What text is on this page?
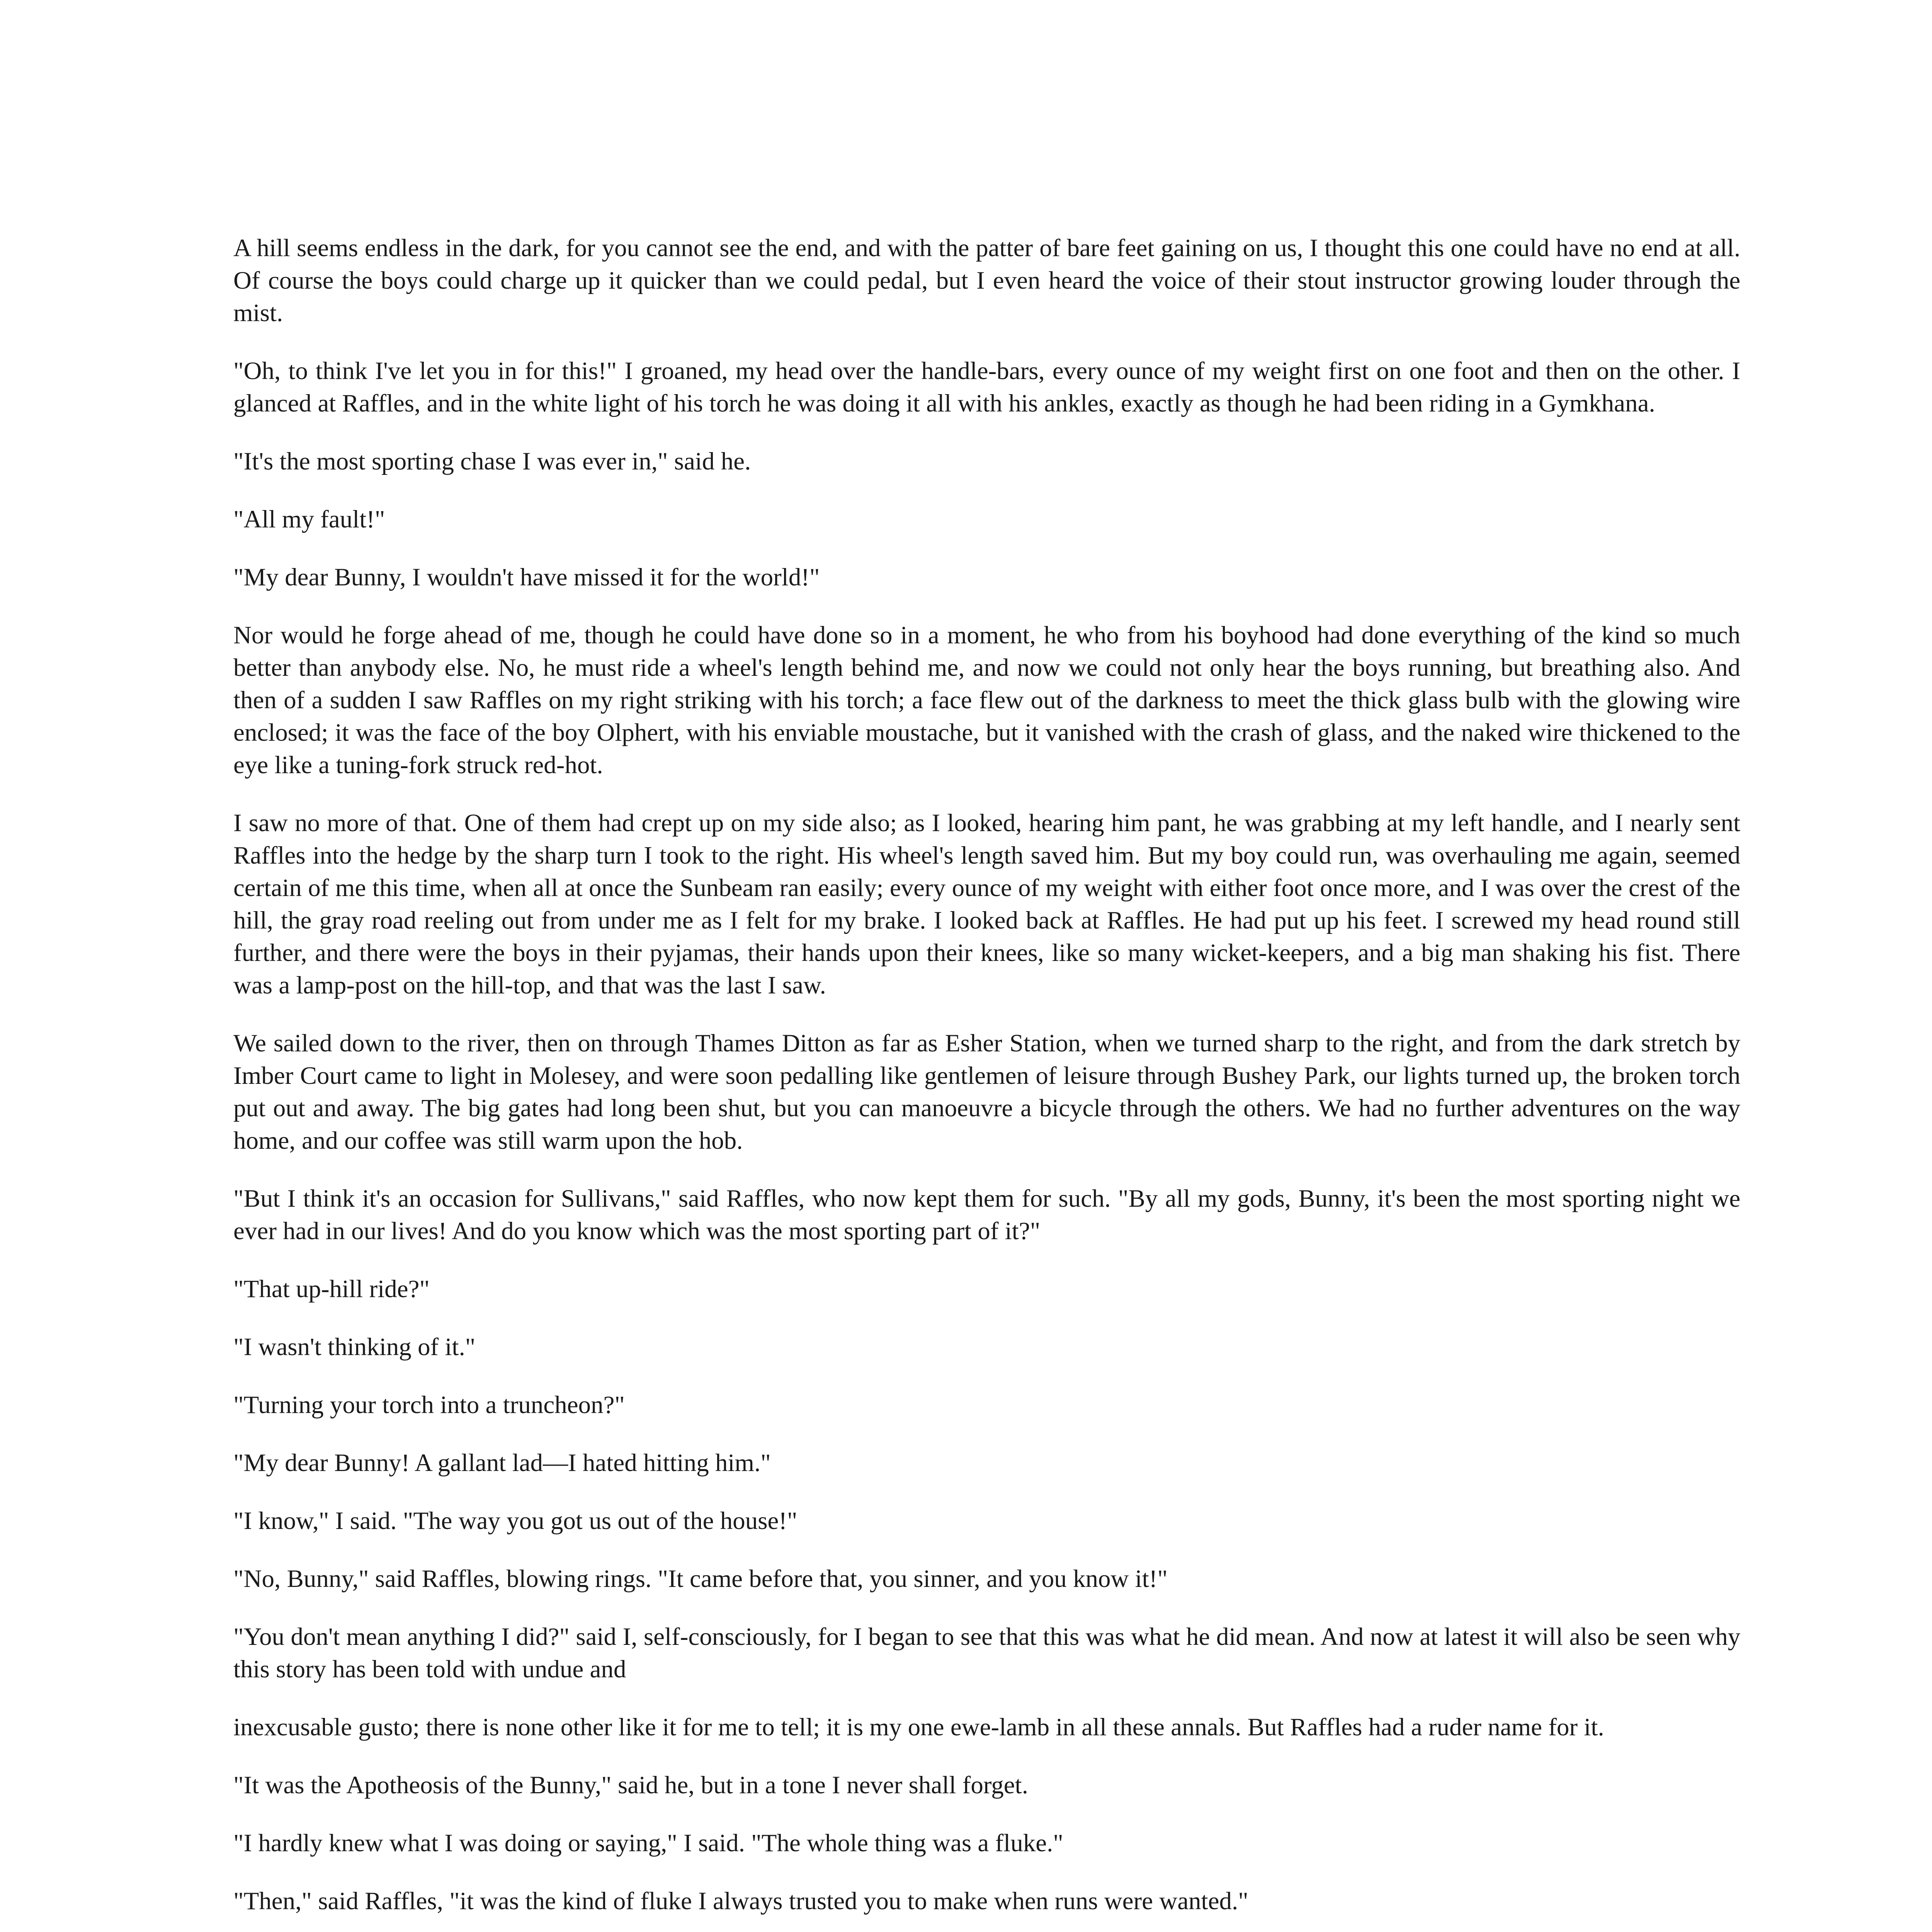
A hill seems endless in the dark, for you cannot see the end, and with the patter of bare feet gaining on us, I thought this one could have no end at all. Of course the boys could charge up it quicker than we could pedal, but I even heard the voice of their stout instructor growing louder through the mist.

"Oh, to think I've let you in for this!" I groaned, my head over the handle-bars, every ounce of my weight first on one foot and then on the other. I glanced at Raffles, and in the white light of his torch he was doing it all with his ankles, exactly as though he had been riding in a Gymkhana.

"It's the most sporting chase I was ever in," said he.

"All my fault!"

"My dear Bunny, I wouldn't have missed it for the world!"

Nor would he forge ahead of me, though he could have done so in a moment, he who from his boyhood had done everything of the kind so much better than anybody else. No, he must ride a wheel's length behind me, and now we could not only hear the boys running, but breathing also. And then of a sudden I saw Raffles on my right striking with his torch; a face flew out of the darkness to meet the thick glass bulb with the glowing wire enclosed; it was the face of the boy Olphert, with his enviable moustache, but it vanished with the crash of glass, and the naked wire thickened to the eye like a tuning-fork struck red-hot.

I saw no more of that. One of them had crept up on my side also; as I looked, hearing him pant, he was grabbing at my left handle, and I nearly sent Raffles into the hedge by the sharp turn I took to the right. His wheel's length saved him. But my boy could run, was overhauling me again, seemed certain of me this time, when all at once the Sunbeam ran easily; every ounce of my weight with either foot once more, and I was over the crest of the hill, the gray road reeling out from under me as I felt for my brake. I looked back at Raffles. He had put up his feet. I screwed my head round still further, and there were the boys in their pyjamas, their hands upon their knees, like so many wicket-keepers, and a big man shaking his fist. There was a lamp-post on the hill-top, and that was the last I saw.

We sailed down to the river, then on through Thames Ditton as far as Esher Station, when we turned sharp to the right, and from the dark stretch by Imber Court came to light in Molesey, and were soon pedalling like gentlemen of leisure through Bushey Park, our lights turned up, the broken torch put out and away. The big gates had long been shut, but you can manoeuvre a bicycle through the others. We had no further adventures on the way home, and our coffee was still warm upon the hob.

"But I think it's an occasion for Sullivans," said Raffles, who now kept them for such. "By all my gods, Bunny, it's been the most sporting night we ever had in our lives! And do you know which was the most sporting part of it?"

"That up-hill ride?"

"I wasn't thinking of it."

"Turning your torch into a truncheon?"

"My dear Bunny! A gallant lad—I hated hitting him."

"I know," I said. "The way you got us out of the house!"

"No, Bunny," said Raffles, blowing rings. "It came before that, you sinner, and you know it!"

"You don't mean anything I did?" said I, self-consciously, for I began to see that this was what he did mean. And now at latest it will also be seen why this story has been told with undue and

inexcusable gusto; there is none other like it for me to tell; it is my one ewe-lamb in all these annals. But Raffles had a ruder name for it.

"It was the Apotheosis of the Bunny," said he, but in a tone I never shall forget.

"I hardly knew what I was doing or saying," I said. "The whole thing was a fluke."

"Then," said Raffles, "it was the kind of fluke I always trusted you to make when runs were wanted."
